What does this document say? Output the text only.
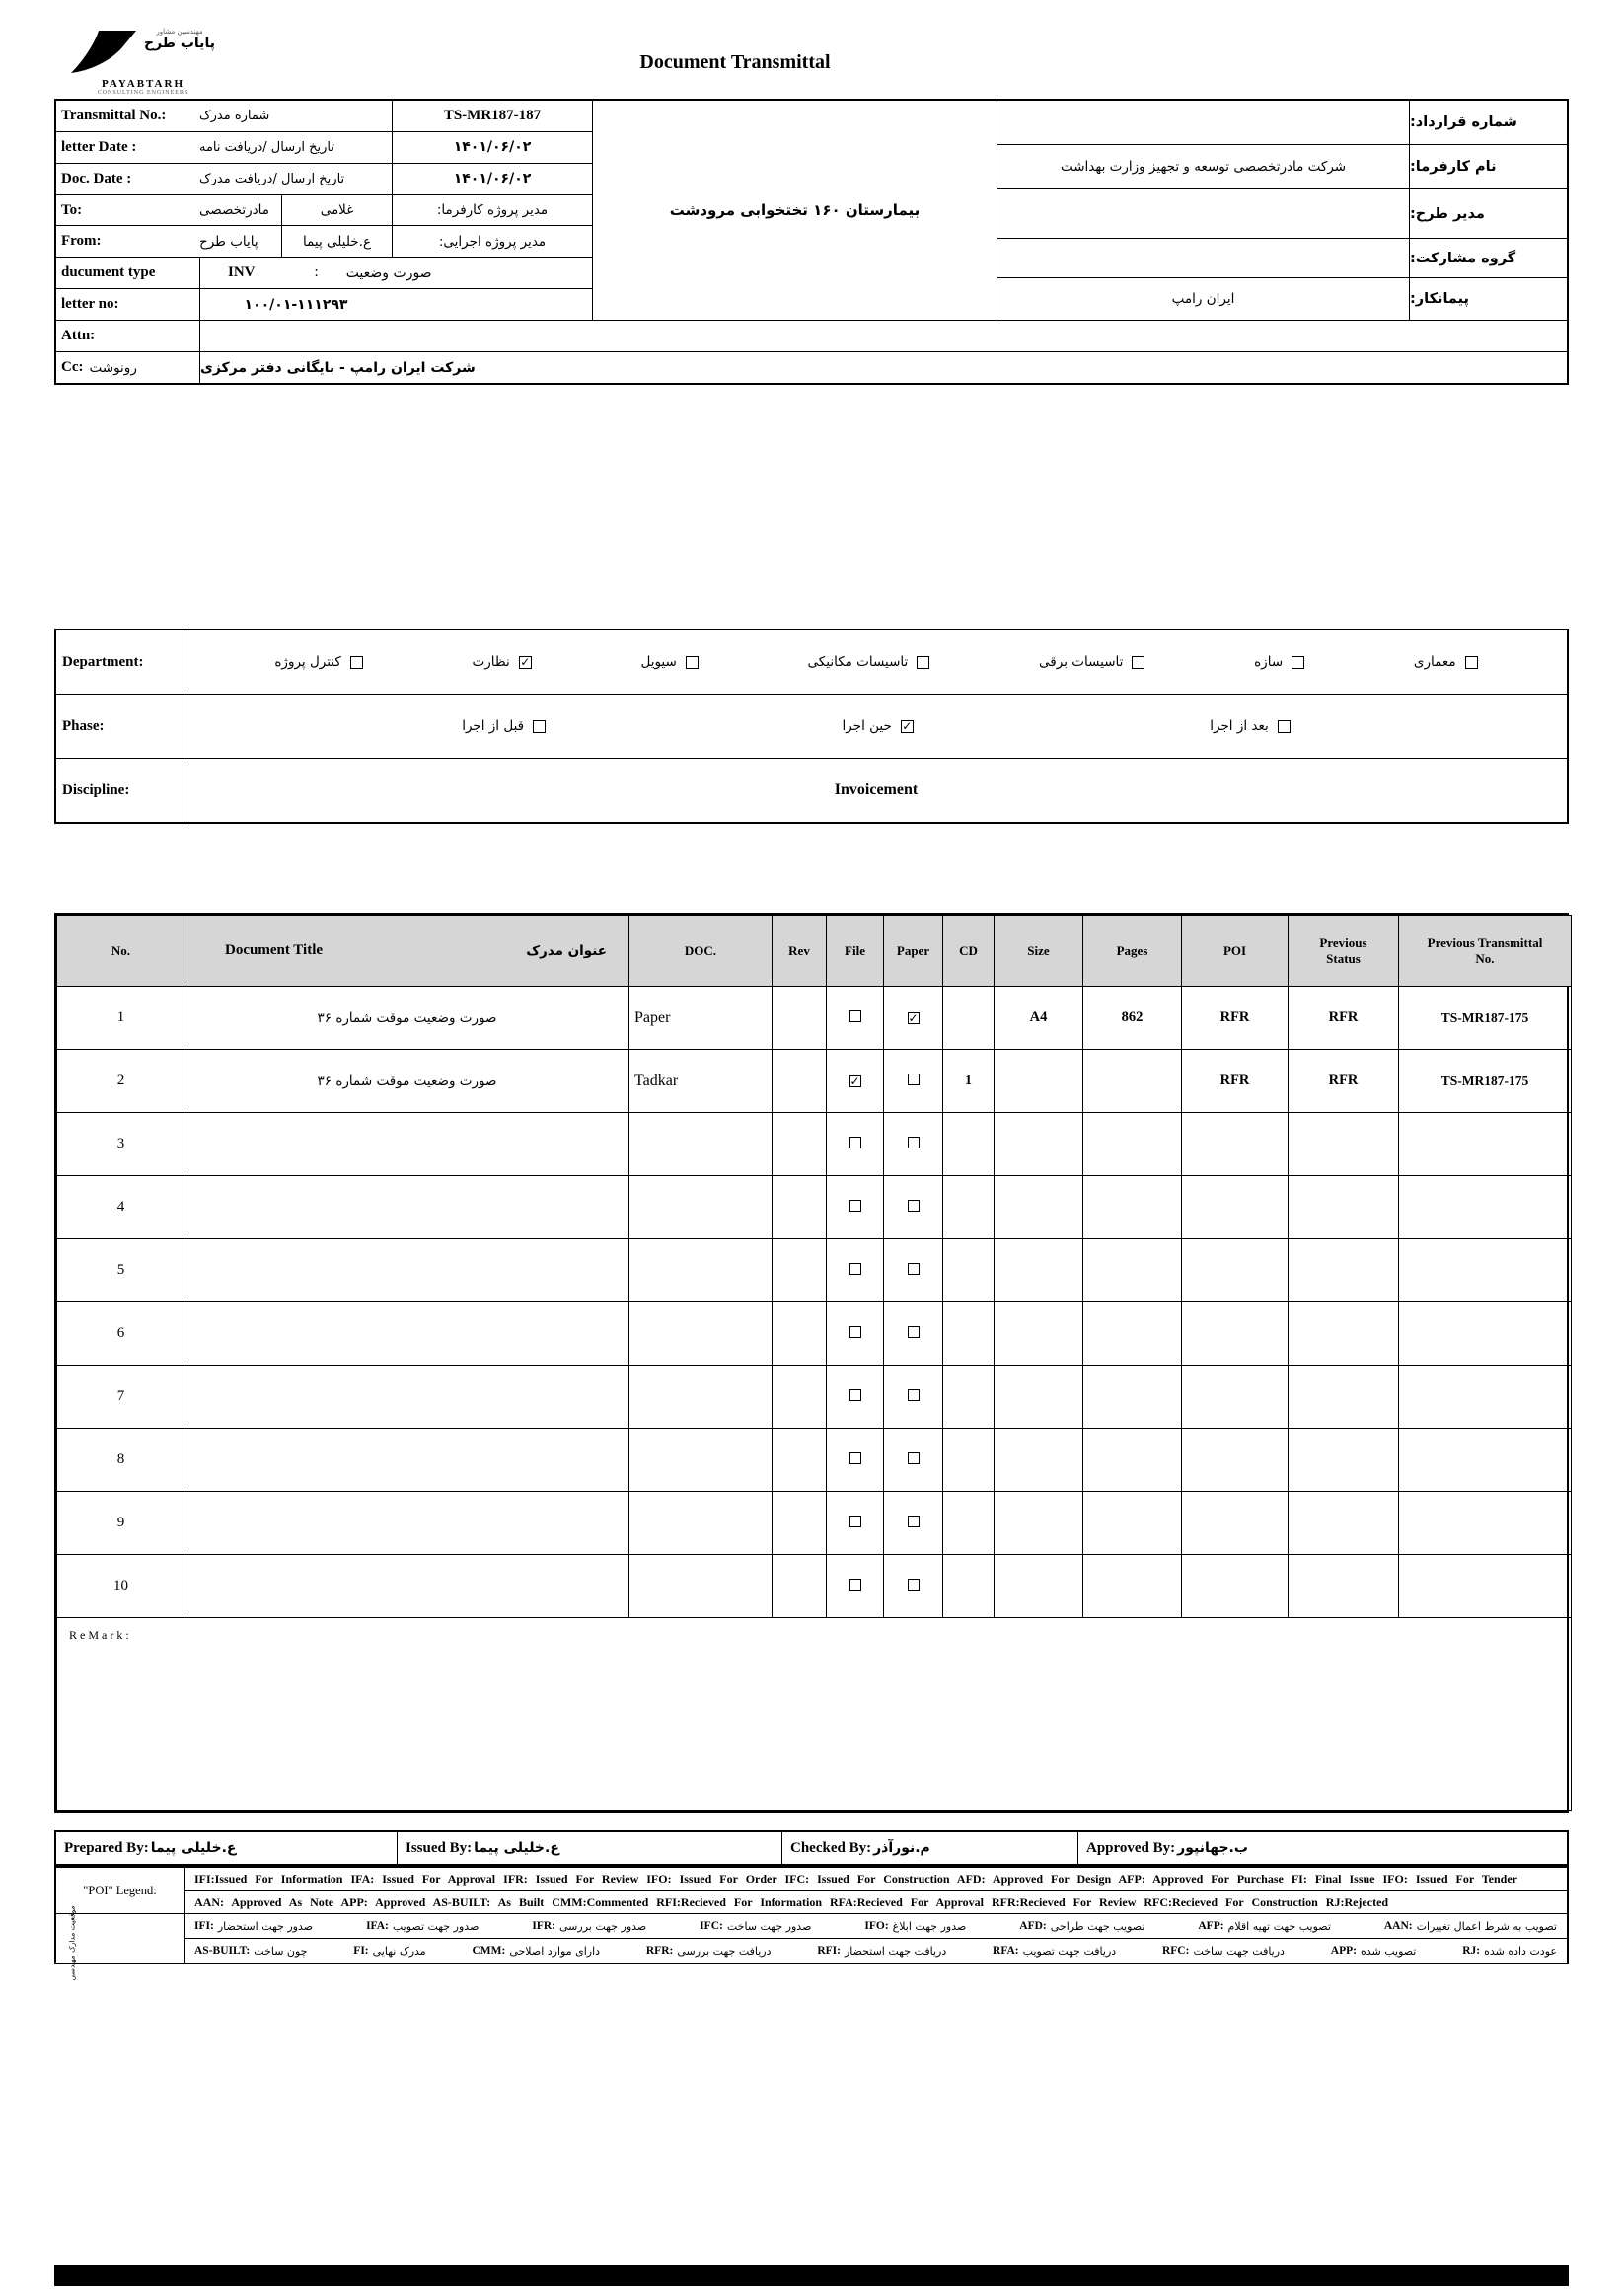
مهندسین مشاور
پایاب طرح
PAYABTARH
CONSULTING ENGINEERS
Document Transmittal
Transmittal No.:	شماره مدرک	TS-MR187-187
letter Date :	تاریخ ارسال /دریافت نامه	۱۴۰۱/۰۶/۰۲
Doc. Date :	تاریخ ارسال /دریافت مدرک	۱۴۰۱/۰۶/۰۲
To:	مادرتخصصی	غلامی	مدیر پروژه کارفرما:
From:	پایاب طرح	ع.خلیلی پیما	مدیر پروژه اجرایی:
ducument type	INV	: صورت وضعیت
letter no:	۱۰۰/۰۱-۱۱۱۲۹۳
بیمارستان ۱۶۰ تختخوابی مرودشت
شماره قرارداد:
شرکت مادرتخصصی توسعه و تجهیز وزارت بهداشت	نام کارفرما:
مدیر طرح:
گروه مشارکت:
ایران رامپ	پیمانکار:
Attn:
Cc: رونوشت	شرکت ایران رامپ - بایگانی دفتر مرکزی
Department:	کنترل پروژه	نظارت ✓	سیویل	تاسیسات مکانیکی	تاسیسات برقی	سازه	معماری
Phase:	قبل از اجرا	حین اجرا ✓	بعد از اجرا
Discipline:	Invoicement
No.	Document Title عنوان مدرک	DOC.	Rev	File	Paper	CD	Size	Pages	POI	Previous Status	Previous Transmittal No.

1	صورت وضعیت موقت شماره ۳۶	Paper			✓		A4	862	RFR	RFR	TS-MR187-175
2	صورت وضعیت موقت شماره ۳۶	Tadkar		✓		1			RFR	RFR	TS-MR187-175
3											
4											
5											
6											
7											
8											
9											
10											
ReMark:											
Prepared By: ع.خلیلی پیما	Issued By: ع.خلیلی پیما	Checked By: م.نورآذر	Approved By: ب.جهانپور
"POI" Legend:
IFI:Issued For Information IFA: Issued For Approval IFR: Issued For Review IFO: Issued For Order IFC: Issued For Construction AFD: Approved For Design AFP: Approved For Purchase FI: Final Issue IFO: Issued For Tender
AAN: Approved As Note APP: Approved AS-BUILT: As Built CMM:Commented RFI:Recieved For Information RFA:Recieved For Approval RFR:Recieved For Review RFC:Recieved For Construction RJ:Rejected
موقعیت مدارک مهندسی	IFI: صدور جهت استحضار	IFA: صدور جهت تصویب	IFR: صدور جهت بررسی	IFC: صدور جهت ساخت	IFO: صدور جهت ابلاغ	AFD: تصویب جهت طراحی	AFP: تصویب جهت تهیه اقلام	AAN: تصویب به شرط اعمال تغییرات
AS-BUILT: چون ساخت	FI: مدرک نهایی	CMM: دارای موارد اصلاحی	RFR: دریافت جهت بررسی	RFI: دریافت جهت استحضار	RFA: دریافت جهت تصویب	RFC: دریافت جهت ساخت	APP: تصویب شده	RJ: عودت داده شده
